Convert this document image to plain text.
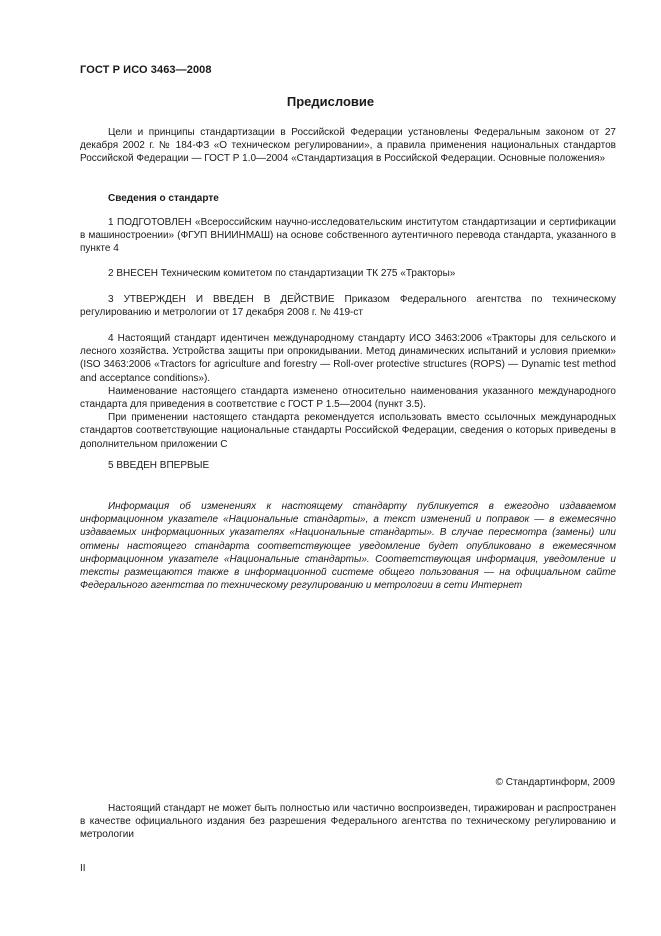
ГОСТ Р ИСО 3463—2008
Предисловие

Цели и принципы стандартизации в Российской Федерации установлены Федеральным законом от 27 декабря 2002 г. № 184-ФЗ «О техническом регулировании», а правила применения национальных стандартов Российской Федерации — ГОСТ Р 1.0—2004 «Стандартизация в Российской Федерации. Основные положения»

Сведения о стандарте

1 ПОДГОТОВЛЕН «Всероссийским научно-исследовательским институтом стандартизации и сертификации в машиностроении» (ФГУП ВНИИНМАШ) на основе собственного аутентичного перевода стандарта, указанного в пункте 4

2 ВНЕСЕН Техническим комитетом по стандартизации ТК 275 «Тракторы»

3 УТВЕРЖДЕН И ВВЕДЕН В ДЕЙСТВИЕ Приказом Федерального агентства по техническому регулированию и метрологии от 17 декабря 2008 г. № 419-ст

4 Настоящий стандарт идентичен международному стандарту ИСО 3463:2006 «Тракторы для сельского и лесного хозяйства. Устройства защиты при опрокидывании. Метод динамических испытаний и условия приемки» (ISO 3463:2006 «Tractors for agriculture and forestry — Roll-over protective structures (ROPS) — Dynamic test method and acceptance conditions»).

Наименование настоящего стандарта изменено относительно наименования указанного международного стандарта для приведения в соответствие с ГОСТ Р 1.5—2004 (пункт 3.5).

При применении настоящего стандарта рекомендуется использовать вместо ссылочных международных стандартов соответствующие национальные стандарты Российской Федерации, сведения о которых приведены в дополнительном приложении С

5 ВВЕДЕН ВПЕРВЫЕ

Информация об изменениях к настоящему стандарту публикуется в ежегодно издаваемом информационном указателе «Национальные стандарты», а текст изменений и поправок — в ежемесячно издаваемых информационных указателях «Национальные стандарты». В случае пересмотра (замены) или отмены настоящего стандарта соответствующее уведомление будет опубликовано в ежемесячном информационном указателе «Национальные стандарты». Соответствующая информация, уведомление и тексты размещаются также в информационной системе общего пользования — на официальном сайте Федерального агентства по техническому регулированию и метрологии в сети Интернет

© Стандартинформ, 2009

Настоящий стандарт не может быть полностью или частично воспроизведен, тиражирован и распространен в качестве официального издания без разрешения Федерального агентства по техническому регулированию и метрологии

II
